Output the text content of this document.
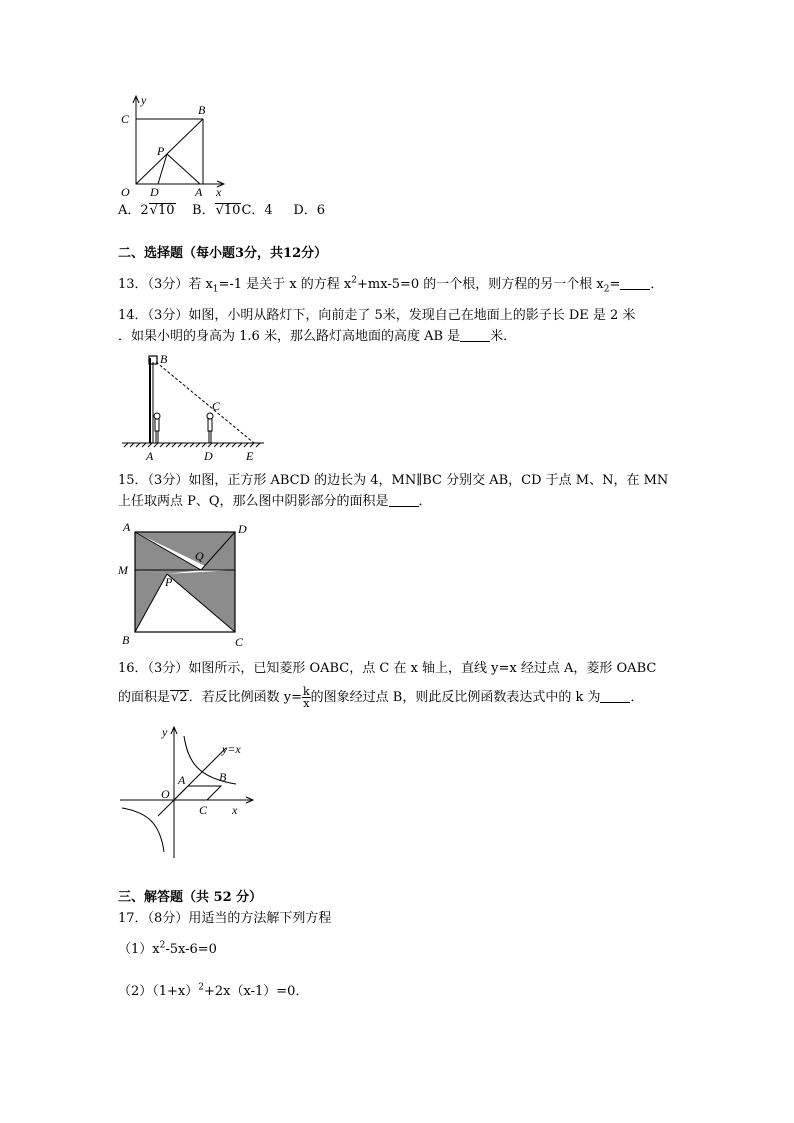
y
C
B
P
O D	A x
A．2√10 B．√10C．4 D．6
二、选择题（每小题3分，共12分）
13．（3分）若 $x_1=-1$ 是关于 x 的方程 $x^2+mx-5=0$ 的一个根，则方程的另一个根 $x_2=$ ．
14．（3分）如图，小明从路灯下，向前走了 5米，发现自己在地面上的影子长 DE 是 2 米
．如果小明的身高为 1.6 米，那么路灯高地面的高度 AB 是 米．
B
C
A	D	E
15．（3分）如图，正方形 ABCD 的边长为 4，MN∥BC 分别交 AB，CD 于点 M、N，在 MN
上任取两点 P、Q，那么图中阴影部分的面积是 ．
A	D
M
Q
P
B	C
16．（3分）如图所示，已知菱形 OABC，点 C 在 x 轴上，直线 y=x 经过点 A，菱形 OABC
的面积是√2．若反比例函数 $y= \frac{k}{x}$ 的图象经过点 B，则此反比例函数表达式中的 k 为 ．
y
y=x
A	B
O
C x
三、解答题（共 52 分）
17．（8分）用适当的方法解下列方程
$(1)x^2-5x-6=0$
$(2)(1+x)^2+2x(x-1)=0$．
